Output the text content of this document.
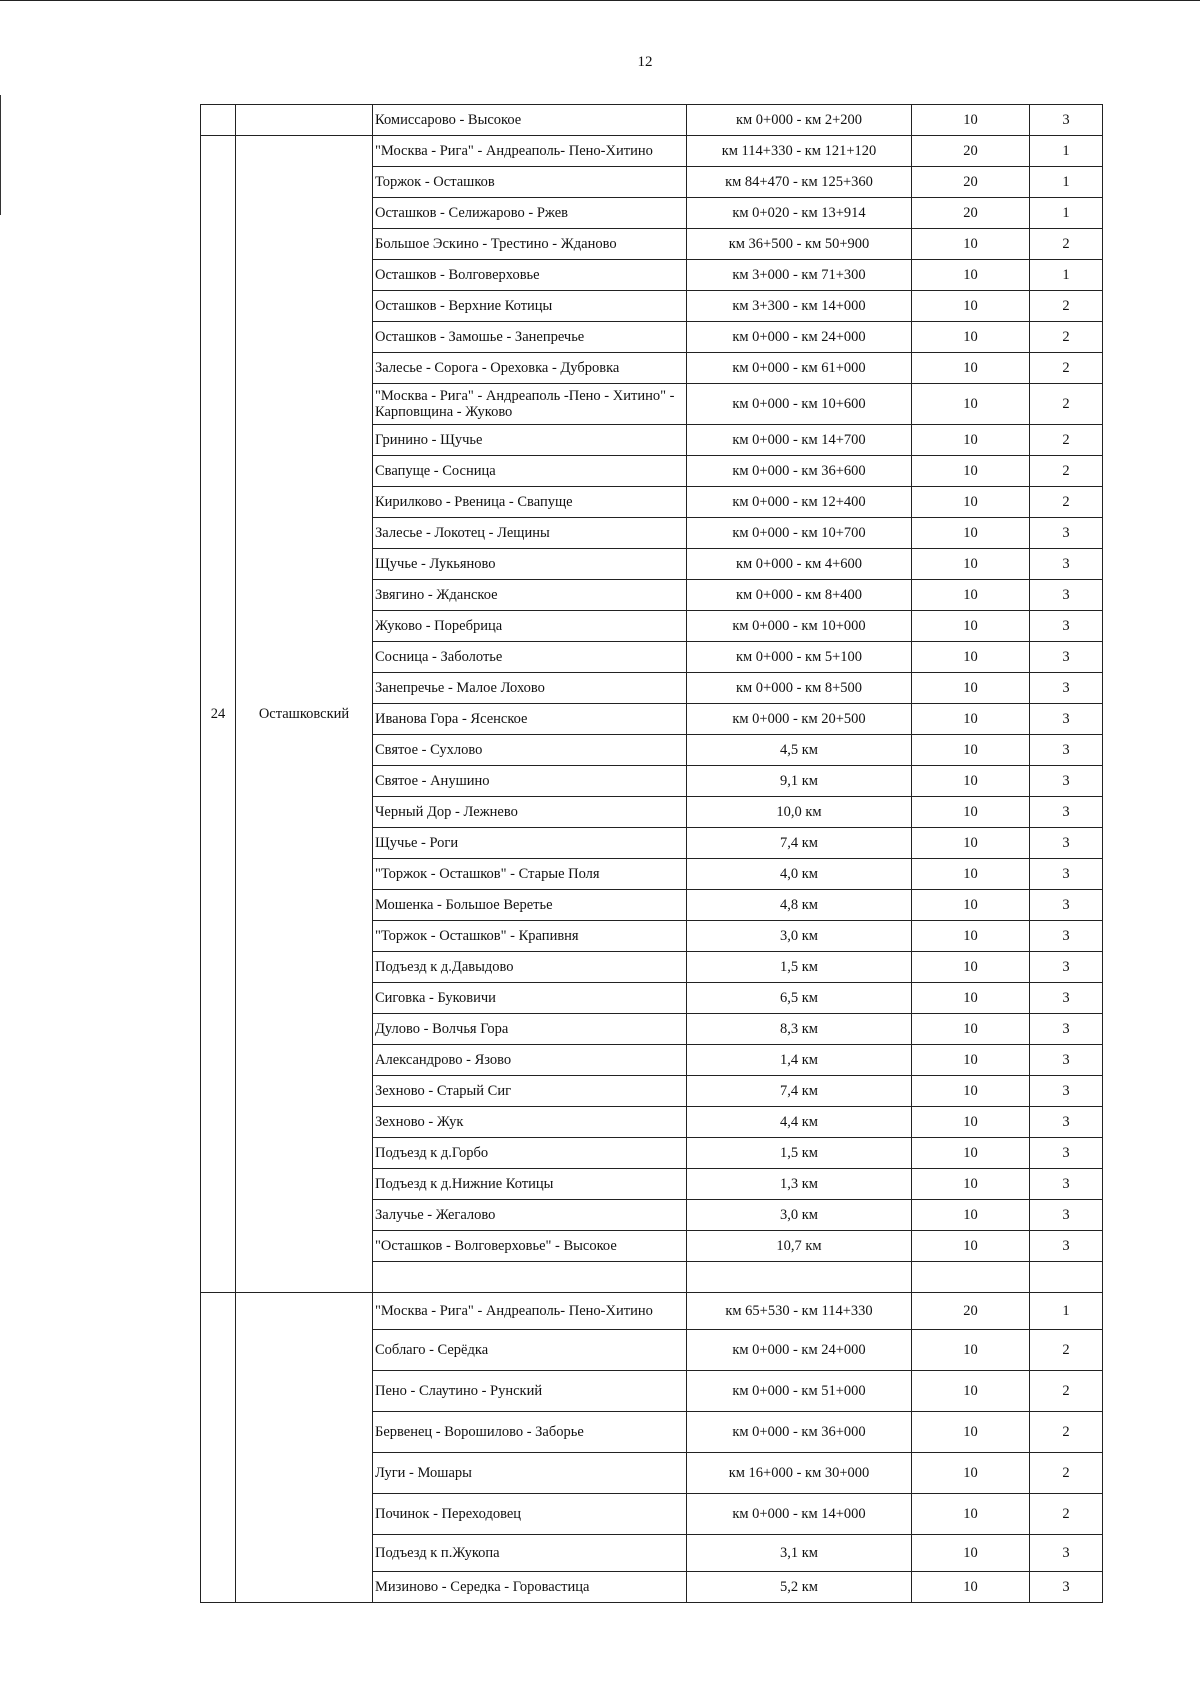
12
		Комиссарово - Высокое	км 0+000 - км 2+200	10	3
24	Осташковский	"Москва - Рига" - Андреаполь- Пено-Хитино	км 114+330 - км 121+120	20	1
		Торжок - Осташков	км 84+470 - км 125+360	20	1
		Осташков - Селижарово - Ржев	км 0+020 - км 13+914	20	1
		Большое Эскино - Трестино - Жданово	км 36+500 - км 50+900	10	2
		Осташков - Волговерховье	км 3+000 - км 71+300	10	1
		Осташков - Верхние Котицы	км 3+300 - км 14+000	10	2
		Осташков - Замошье - Занепречье	км 0+000 - км 24+000	10	2
		Залесье - Сорога - Ореховка - Дубровка	км 0+000 - км 61+000	10	2
		"Москва - Рига" - Андреаполь -Пено - Хитино" - Карповщина - Жуково	км 0+000 - км 10+600	10	2
		Гринино - Щучье	км 0+000 - км 14+700	10	2
		Свапуще - Сосница	км 0+000 - км 36+600	10	2
		Кирилково - Рвеница - Свапуще	км 0+000 - км 12+400	10	2
		Залесье - Локотец - Лещины	км 0+000 - км 10+700	10	3
		Щучье - Лукьяново	км 0+000 - км 4+600	10	3
		Звягино - Жданское	км 0+000 - км 8+400	10	3
		Жуково - Поребрица	км 0+000 - км 10+000	10	3
		Сосница - Заболотье	км 0+000 - км 5+100	10	3
		Занепречье - Малое Лохово	км 0+000 - км 8+500	10	3
		Иванова Гора - Ясенское	км 0+000 - км 20+500	10	3
		Святое - Сухлово	4,5 км	10	3
		Святое - Анушино	9,1 км	10	3
		Черный Дор - Лежнево	10,0 км	10	3
		Щучье - Роги	7,4 км	10	3
		"Торжок - Осташков" - Старые Поля	4,0 км	10	3
		Мошенка - Большое Веретье	4,8 км	10	3
		"Торжок - Осташков" - Крапивня	3,0 км	10	3
		Подъезд к д.Давыдово	1,5 км	10	3
		Сиговка - Буковичи	6,5 км	10	3
		Дулово - Волчья Гора	8,3 км	10	3
		Александрово - Язово	1,4 км	10	3
		Зехново - Старый Сиг	7,4 км	10	3
		Зехново - Жук	4,4 км	10	3
		Подъезд к д.Горбо	1,5 км	10	3
		Подъезд к д.Нижние Котицы	1,3 км	10	3
		Залучье - Жегалово	3,0 км	10	3
		"Осташков - Волговерховье" - Высокое	10,7 км	10	3

		"Москва - Рига" - Андреаполь- Пено-Хитино	км 65+530 - км 114+330	20	1
		Соблаго - Серёдка	км 0+000 - км 24+000	10	2
		Пено - Слаутино - Рунский	км 0+000 - км 51+000	10	2
		Бервенец - Ворошилово - Заборье	км 0+000 - км 36+000	10	2
		Луги - Мошары	км 16+000 - км 30+000	10	2
		Починок - Переходовец	км 0+000 - км 14+000	10	2
		Подъезд к п.Жукопа	3,1 км	10	3
		Мизиново - Середка - Горовастица	5,2 км	10	3
